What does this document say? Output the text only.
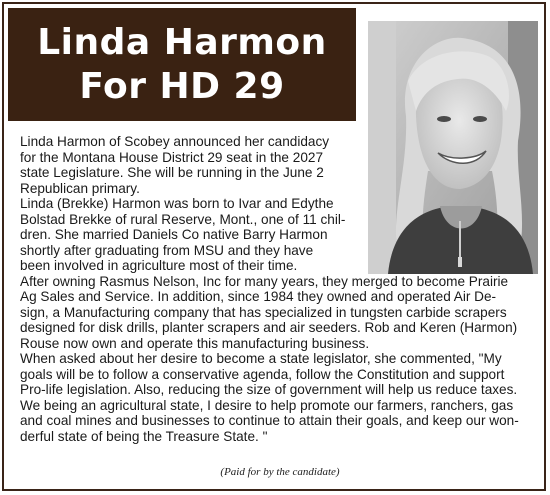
Linda Harmon
For HD 29

Linda Harmon of Scobey announced her candidacy
for the Montana House District 29 seat in the 2027
state Legislature. She will be running in the June 2
Republican primary.

Linda (Brekke) Harmon was born to Ivar and Edythe
Bolstad Brekke of rural Reserve, Mont., one of 11 chil-
dren. She married Daniels Co native Barry Harmon
shortly after graduating from MSU and they have
been involved in agriculture most of their time.

After owning Rasmus Nelson, Inc for many years, they merged to become Prairie
Ag Sales and Service. In addition, since 1984 they owned and operated Air De-
sign, a Manufacturing company that has specialized in tungsten carbide scrapers
designed for disk drills, planter scrapers and air seeders. Rob and Keren (Harmon)
Rouse now own and operate this manufacturing business.

When asked about her desire to become a state legislator, she commented, "My
goals will be to follow a conservative agenda, follow the Constitution and support
Pro-life legislation. Also, reducing the size of government will help us reduce taxes.
We being an agricultural state, I desire to help promote our farmers, ranchers, gas
and coal mines and businesses to continue to attain their goals, and keep our won-
derful state of being the Treasure State. "

(Paid for by the candidate)
